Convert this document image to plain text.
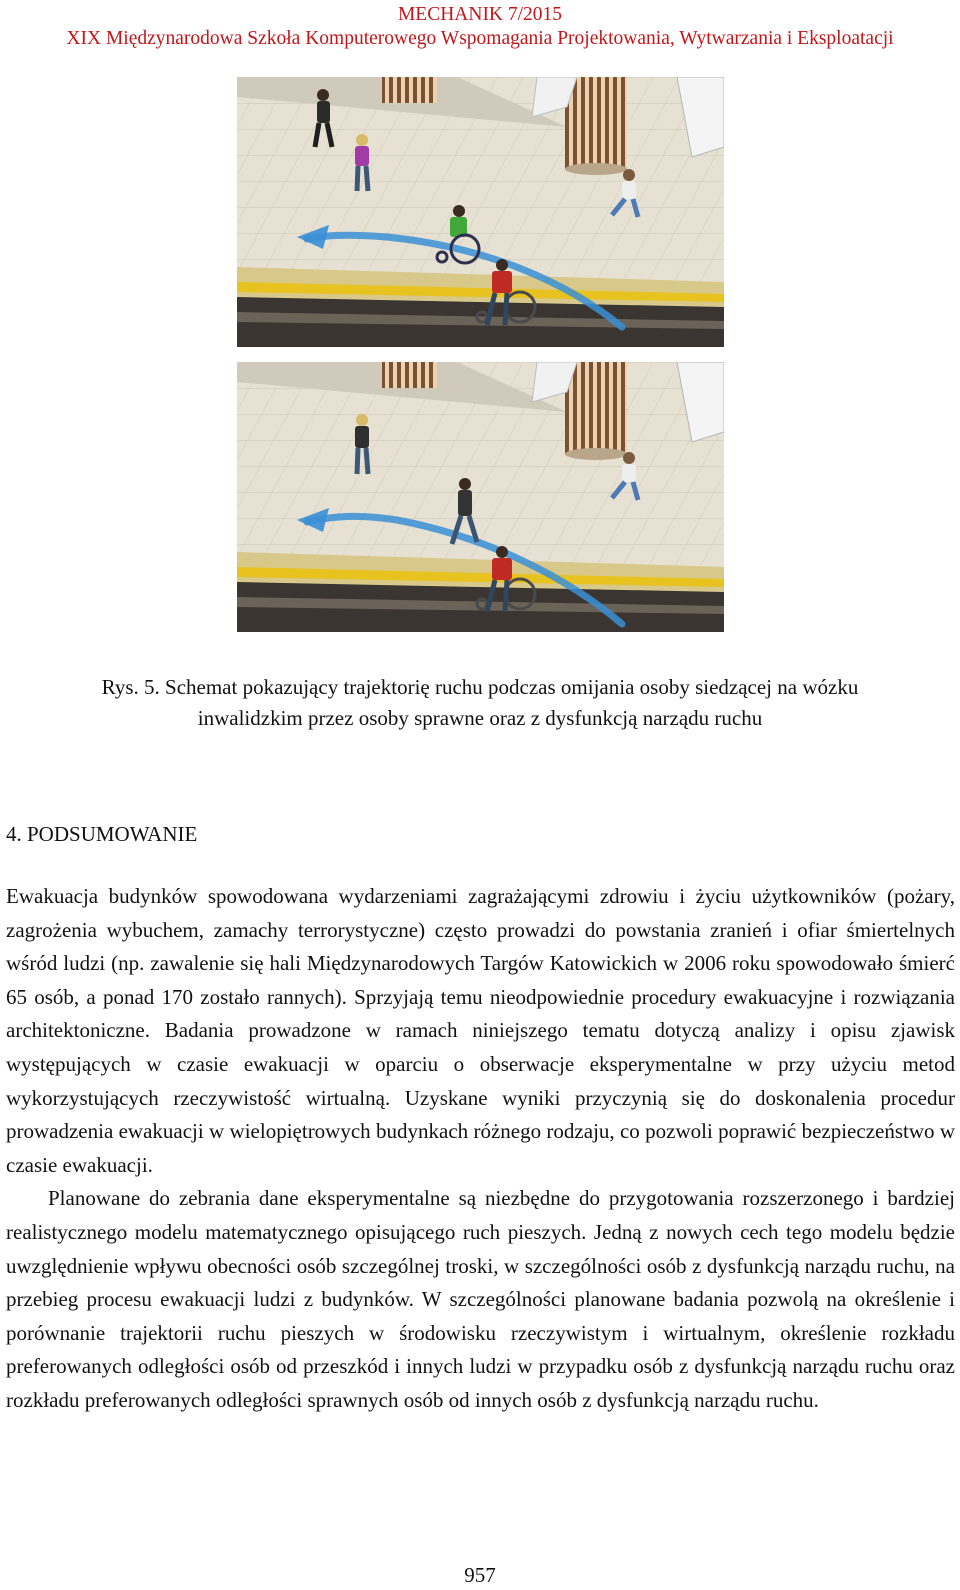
MECHANIK 7/2015
XIX Międzynarodowa Szkoła Komputerowego Wspomagania Projektowania, Wytwarzania i Eksploatacji
Rys. 5. Schemat pokazujący trajektorię ruchu podczas omijania osoby siedzącej na wózku
inwalidzkim przez osoby sprawne oraz z dysfunkcją narządu ruchu
4. PODSUMOWANIE

Ewakuacja budynków spowodowana wydarzeniami zagrażającymi zdrowiu i życiu użytkowników (pożary, zagrożenia wybuchem, zamachy terrorystyczne) często prowadzi do powstania zranień i ofiar śmiertelnych wśród ludzi (np. zawalenie się hali Międzynarodowych Targów Katowickich w 2006 roku spowodowało śmierć 65 osób, a ponad 170 zostało rannych). Sprzyjają temu nieodpowiednie procedury ewakuacyjne i rozwiązania architektoniczne. Badania prowadzone w ramach niniejszego tematu dotyczą analizy i opisu zjawisk występujących w czasie ewakuacji w oparciu o obserwacje eksperymentalne w przy użyciu metod wykorzystujących rzeczywistość wirtualną. Uzyskane wyniki przyczynią się do doskonalenia procedur prowadzenia ewakuacji w wielopiętrowych budynkach różnego rodzaju, co pozwoli poprawić bezpieczeństwo w czasie ewakuacji.

Planowane do zebrania dane eksperymentalne są niezbędne do przygotowania rozszerzonego i bardziej realistycznego modelu matematycznego opisującego ruch pieszych. Jedną z nowych cech tego modelu będzie uwzględnienie wpływu obecności osób szczególnej troski, w szczególności osób z dysfunkcją narządu ruchu, na przebieg procesu ewakuacji ludzi z budynków. W szczególności planowane badania pozwolą na określenie i porównanie trajektorii ruchu pieszych w środowisku rzeczywistym i wirtualnym, określenie rozkładu preferowanych odległości osób od przeszkód i innych ludzi w przypadku osób z dysfunkcją narządu ruchu oraz rozkładu preferowanych odległości sprawnych osób od innych osób z dysfunkcją narządu ruchu.

957
